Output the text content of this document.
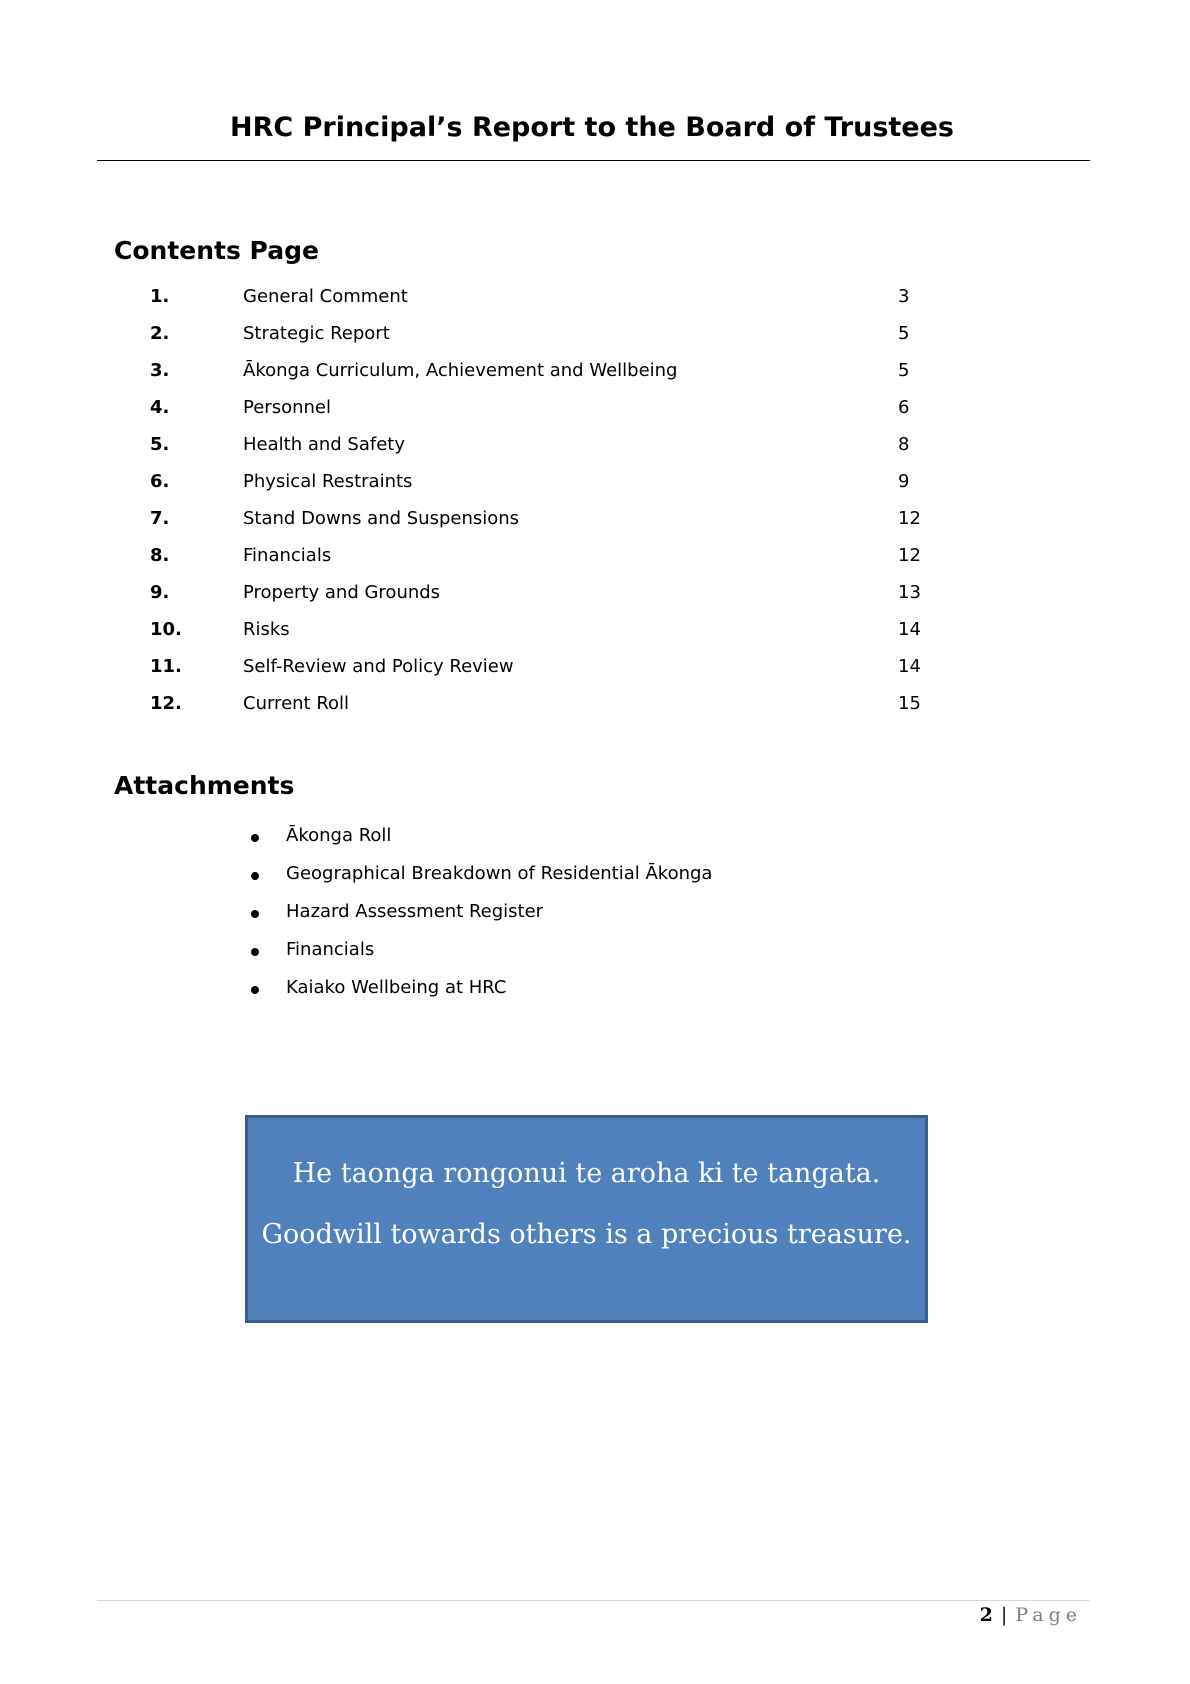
HRC Principal’s Report to the Board of Trustees
Contents Page
1.	General Comment	3
2.	Strategic Report	5
3.	Ākonga Curriculum, Achievement and Wellbeing	5
4.	Personnel	6
5.	Health and Safety	8
6.	Physical Restraints	9
7.	Stand Downs and Suspensions	12
8.	Financials	12
9.	Property and Grounds	13
10.	Risks	14
11.	Self-Review and Policy Review	14
12.	Current Roll	15
Attachments
Ākonga Roll
Geographical Breakdown of Residential Ākonga
Hazard Assessment Register
Financials
Kaiako Wellbeing at HRC
He taonga rongonui te aroha ki te tangata.
Goodwill towards others is a precious treasure.
2 | Page
